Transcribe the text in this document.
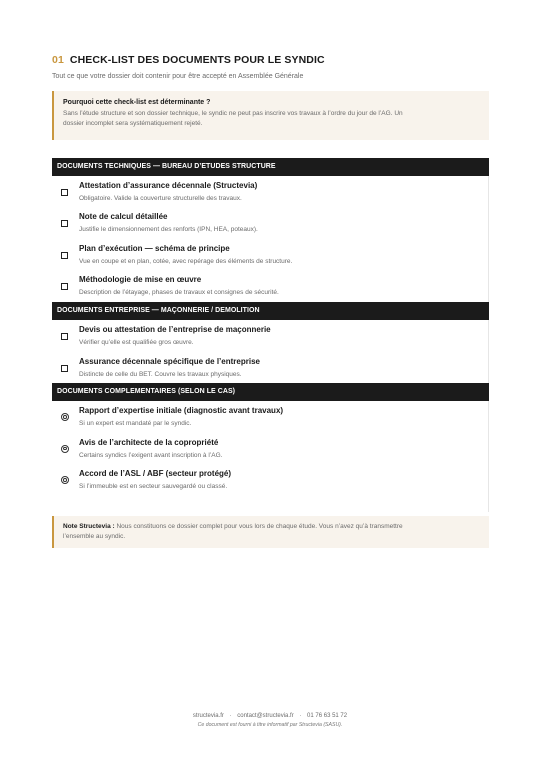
01 CHECK-LIST DES DOCUMENTS POUR LE SYNDIC
Tout ce que votre dossier doit contenir pour être accepté en Assemblée Générale
Pourquoi cette check-list est déterminante ?
Sans l’étude structure et son dossier technique, le syndic ne peut pas inscrire vos travaux à l’ordre du jour de l’AG. Un
dossier incomplet sera systématiquement rejeté.
DOCUMENTS TECHNIQUES — BUREAU D’ETUDES STRUCTURE
Attestation d’assurance décennale (Structevia)
Obligatoire. Valide la couverture structurelle des travaux.
Note de calcul détaillée
Justifie le dimensionnement des renforts (IPN, HEA, poteaux).
Plan d’exécution — schéma de principe
Vue en coupe et en plan, cotée, avec repérage des éléments de structure.
Méthodologie de mise en œuvre
Description de l’étayage, phases de travaux et consignes de sécurité.
DOCUMENTS ENTREPRISE — MAÇONNERIE / DEMOLITION
Devis ou attestation de l’entreprise de maçonnerie
Vérifier qu’elle est qualifiée gros œuvre.
Assurance décennale spécifique de l’entreprise
Distincte de celle du BET. Couvre les travaux physiques.
DOCUMENTS COMPLEMENTAIRES (SELON LE CAS)
Rapport d’expertise initiale (diagnostic avant travaux)
Si un expert est mandaté par le syndic.
Avis de l’architecte de la copropriété
Certains syndics l’exigent avant inscription à l’AG.
Accord de l’ASL / ABF (secteur protégé)
Si l’immeuble est en secteur sauvegardé ou classé.
Note Structevia : Nous constituons ce dossier complet pour vous lors de chaque étude. Vous n’avez qu’à transmettre
l’ensemble au syndic.
structevia.fr · contact@structevia.fr · 01 76 63 51 72
Ce document est fourni à titre informatif par Structevia (SASU).
